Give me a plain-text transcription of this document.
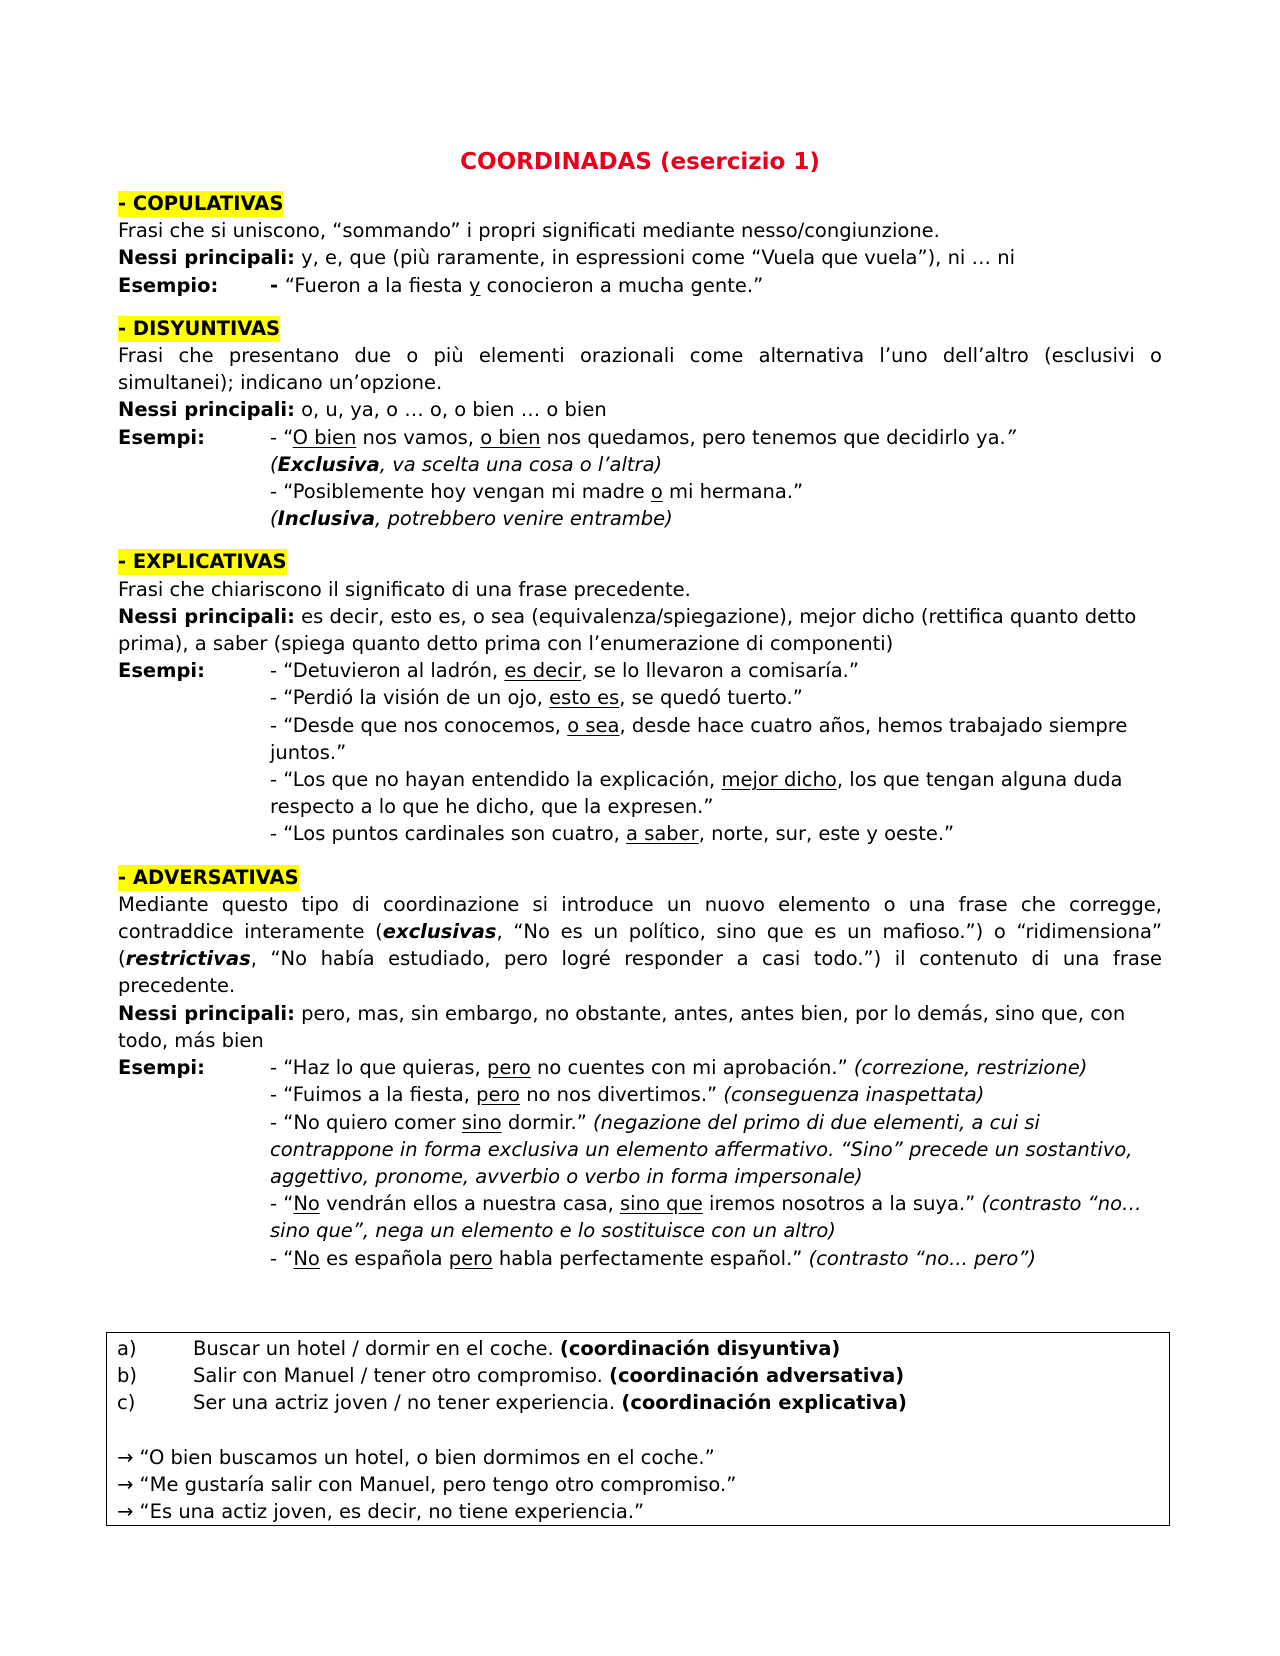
COORDINADAS (esercizio 1)
- COPULATIVAS

Frasi che si uniscono, “sommando” i propri significati mediante nesso/congiunzione.

Nessi principali: y, e, que (più raramente, in espressioni come “Vuela que vuela”), ni … ni

Esempio:	- “Fueron a la fiesta y conocieron a mucha gente.”

- DISYUNTIVAS

Frasi che presentano due o più elementi orazionali come alternativa l’uno dell’altro (esclusivi o simultanei); indicano un’opzione.

Nessi principali: o, u, ya, o … o, o bien … o bien

Esempi:	- “O bien nos vamos, o bien nos quedamos, pero tenemos que decidirlo ya.”

(Exclusiva, va scelta una cosa o l’altra)

- “Posiblemente hoy vengan mi madre o mi hermana.”

(Inclusiva, potrebbero venire entrambe)

- EXPLICATIVAS

Frasi che chiariscono il significato di una frase precedente.

Nessi principali: es decir, esto es, o sea (equivalenza/spiegazione), mejor dicho (rettifica quanto detto prima), a saber (spiega quanto detto prima con l’enumerazione di componenti)

Esempi:	- “Detuvieron al ladrón, es decir, se lo llevaron a comisaría.”

- “Perdió la visión de un ojo, esto es, se quedó tuerto.”

- “Desde que nos conocemos, o sea, desde hace cuatro años, hemos trabajado siempre juntos.”

- “Los que no hayan entendido la explicación, mejor dicho, los que tengan alguna duda respecto a lo que he dicho, que la expresen.”

- “Los puntos cardinales son cuatro, a saber, norte, sur, este y oeste.”

- ADVERSATIVAS

Mediante questo tipo di coordinazione si introduce un nuovo elemento o una frase che corregge, contraddice interamente (exclusivas, “No es un político, sino que es un mafioso.”) o “ridimensiona” (restrictivas, “No había estudiado, pero logré responder a casi todo.”) il contenuto di una frase precedente.

Nessi principali: pero, mas, sin embargo, no obstante, antes, antes bien, por lo demás, sino que, con todo, más bien

Esempi:	- “Haz lo que quieras, pero no cuentes con mi aprobación.” (correzione, restrizione)

- “Fuimos a la fiesta, pero no nos divertimos.” (conseguenza inaspettata)

- “No quiero comer sino dormir.” (negazione del primo di due elementi, a cui si contrappone in forma exclusiva un elemento affermativo. “Sino” precede un sostantivo, aggettivo, pronome, avverbio o verbo in forma impersonale)

- “No vendrán ellos a nuestra casa, sino que iremos nosotros a la suya.” (contrasto “no… sino que”, nega un elemento e lo sostituisce con un altro)

- “No es española pero habla perfectamente español.” (contrasto “no... pero”)

a)	Buscar un hotel / dormir en el coche. (coordinación disyuntiva)
b)	Salir con Manuel / tener otro compromiso. (coordinación adversativa)
c)	Ser una actriz joven / no tener experiencia. (coordinación explicativa)

→ “O bien buscamos un hotel, o bien dormimos en el coche.”

→ “Me gustaría salir con Manuel, pero tengo otro compromiso.”

→ “Es una actiz joven, es decir, no tiene experiencia.”
